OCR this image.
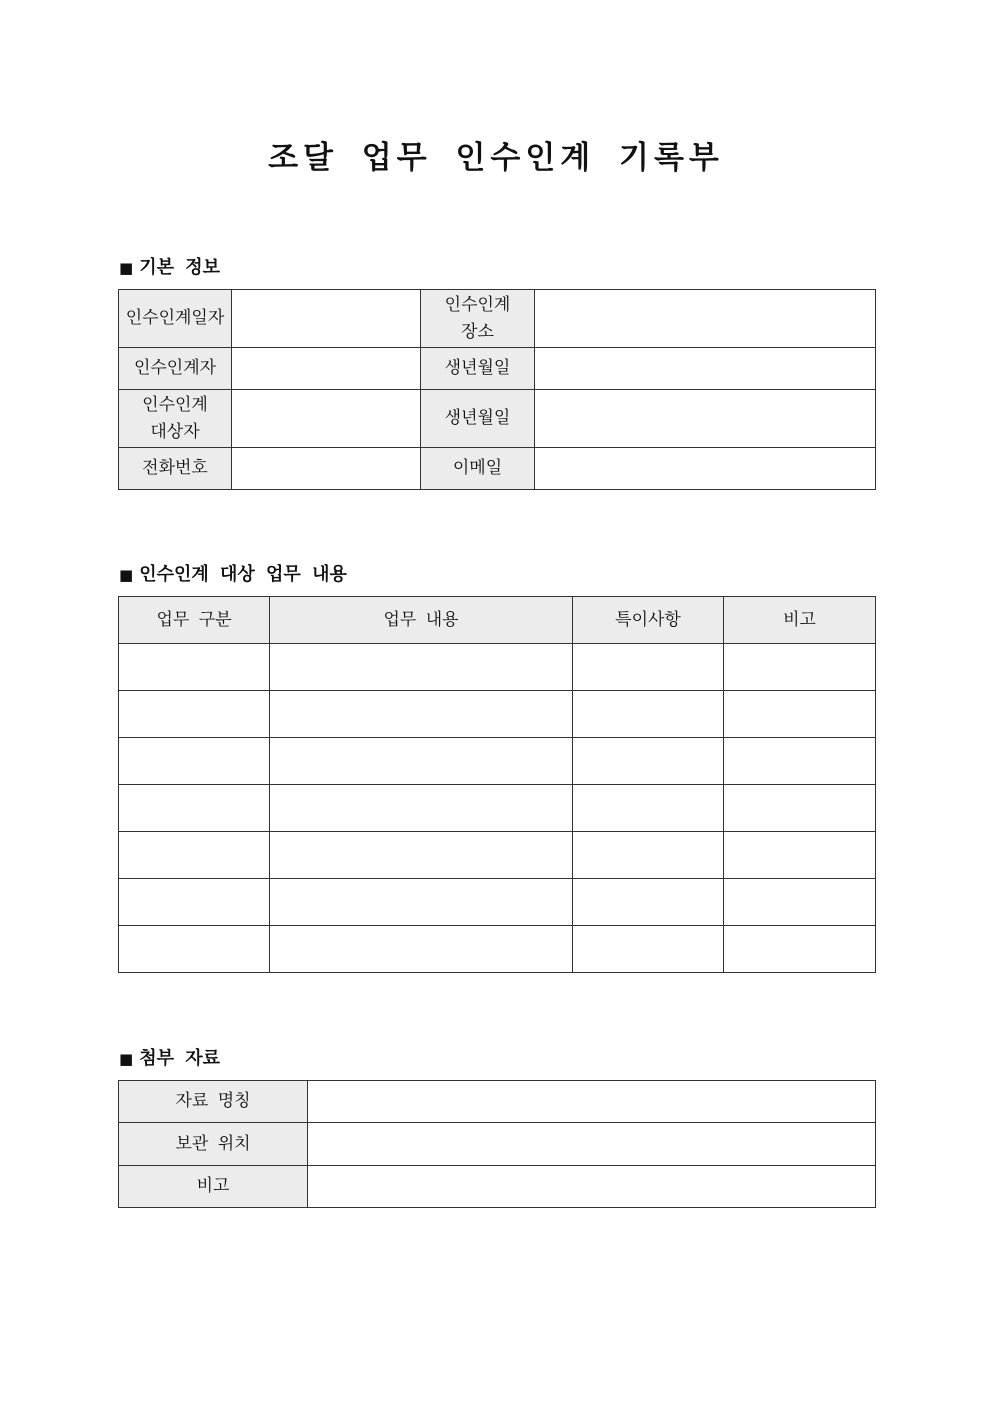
조달 업무 인수인계 기록부
■ 기본 정보
인수인계일자		인수인계 장소	

인수인계자		생년월일	

인수인계 대상자		생년월일	
전화번호		이메일	
■ 인수인계 대상 업무 내용
업무 구분	업무 내용	특이사항	비고

■ 첨부 자료
자료 명칭	
보관 위치	
비고	
